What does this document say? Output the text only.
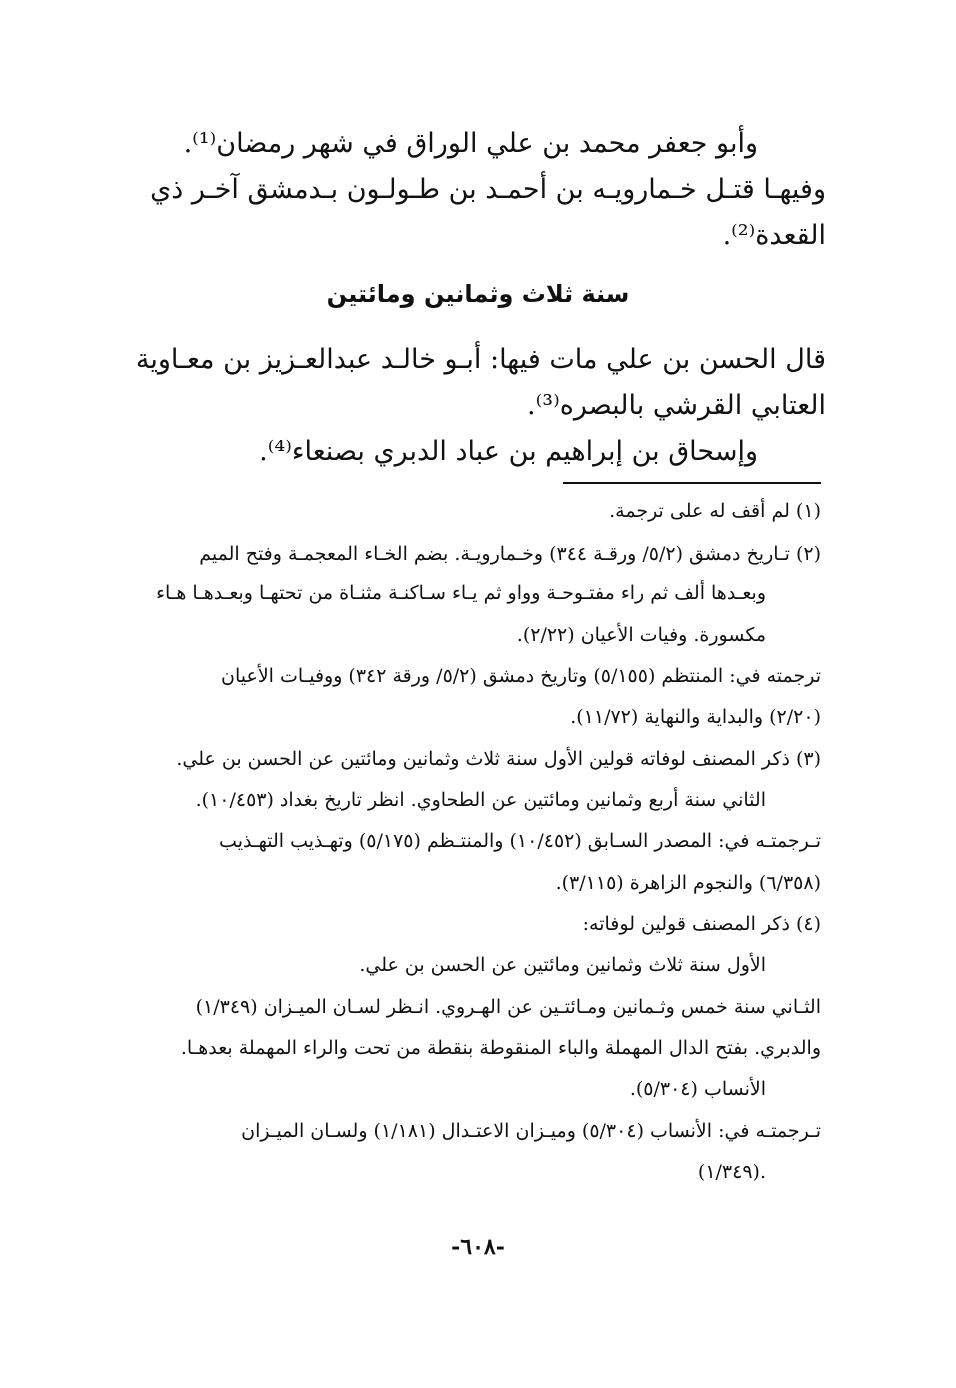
وأبو جعفر محمد بن علي الوراق في شهر رمضان⁽¹⁾.
وفيهـا قتـل خـمارويـه بن أحمـد بن طـولـون بـدمشق آخـر ذي
القعدة⁽²⁾.
سنة ثلاث وثمانين ومائتين
قال الحسن بن علي مات فيها: أبـو خالـد عبدالعـزيز بن معـاوية
العتابي القرشي بالبصره⁽³⁾.
وإسحاق بن إبراهيم بن عباد الدبري بصنعاء⁽⁴⁾.
(١) لم أقف له على ترجمة.
(٢) تـاريخ دمشق (٥/٢/ ورقـة ٣٤٤) وخـمارويـة. بضم الخـاء المعجمـة وفتح الميم
وبعـدها ألف ثم راء مفتـوحـة وواو ثم يـاء سـاكنـة مثنـاة من تحتهـا وبعـدهـا هـاء
مكسورة. وفيات الأعيان (٢/٢٢).
ترجمته في: المنتظم (٥/١٥٥) وتاريخ دمشق (٥/٢/ ورقة ٣٤٢) ووفيـات الأعيان
(٢/٢٠) والبداية والنهاية (١١/٧٢).
(٣) ذكر المصنف لوفاته قولين الأول سنة ثلاث وثمانين ومائتين عن الحسن بن علي.
الثاني سنة أربع وثمانين ومائتين عن الطحاوي. انظر تاريخ بغداد (١٠/٤٥٣).
تـرجمتـه في: المصدر السـابق (١٠/٤٥٢) والمنتـظم (٥/١٧٥) وتهـذيب التهـذيب
(٦/٣٥٨) والنجوم الزاهرة (٣/١١٥).
(٤) ذكر المصنف قولين لوفاته:
الأول سنة ثلاث وثمانين ومائتين عن الحسن بن علي.
الثـاني سنة خمس وثـمانين ومـائتـين عن الهـروي. انـظر لسـان الميـزان (١/٣٤٩)
والدبري. بفتح الدال المهملة والباء المنقوطة بنقطة من تحت والراء المهملة بعدهـا.
الأنساب (٥/٣٠٤).
تـرجمتـه في: الأنساب (٥/٣٠٤) وميـزان الاعتـدال (١/١٨١) ولسـان الميـزان
(١/٣٤٩).
-٦٠٨-
